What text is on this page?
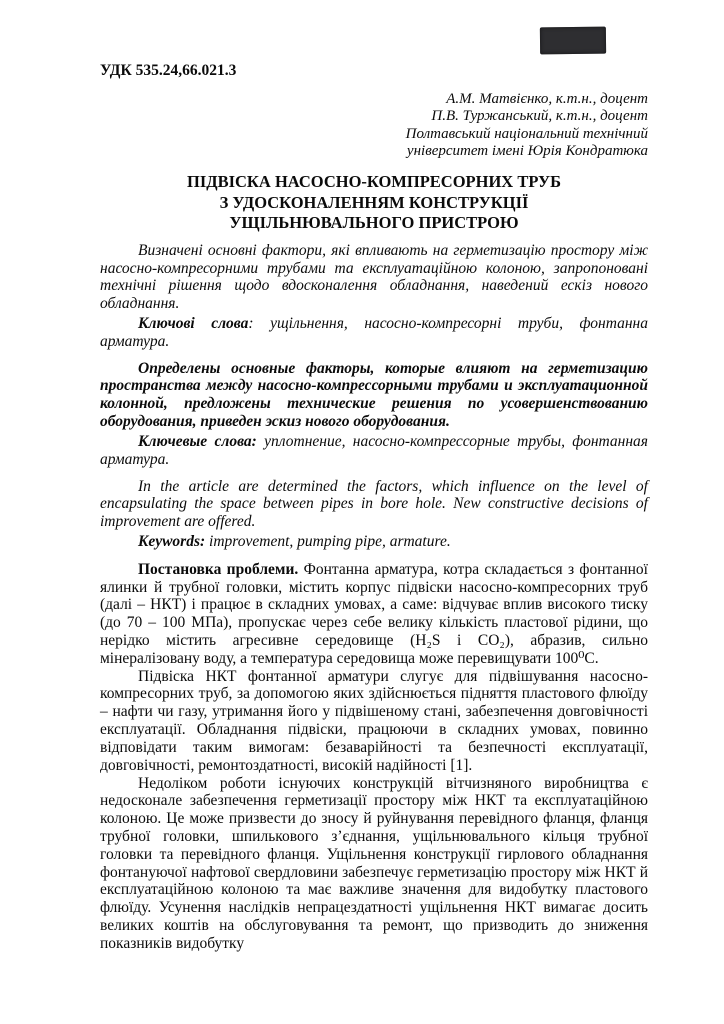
УДК 535.24,66.021.3
А.М. Матвієнко, к.т.н., доцент
П.В. Туржанський, к.т.н., доцент
Полтавський національний технічний
університет імені Юрія Кондратюка
ПІДВІСКА НАСОСНО-КОМПРЕСОРНИХ ТРУБ
З УДОСКОНАЛЕННЯМ КОНСТРУКЦІЇ
УЩІЛЬНЮВАЛЬНОГО ПРИСТРОЮ

Визначені основні фактори, які впливають на герметизацію простору між насосно-компресорними трубами та експлуатаційною колоною, запропоновані технічні рішення щодо вдосконалення обладнання, наведений ескіз нового обладнання.

Ключові слова: ущільнення, насосно-компресорні труби, фонтанна арматура.

Определены основные факторы, которые влияют на герметизацию пространства между насосно-компрессорными трубами и эксплуатационной колонной, предложены технические решения по усовершенствованию оборудования, приведен эскиз нового оборудования.

Ключевые слова: уплотнение, насосно-компрессорные трубы, фонтанная арматура.

In the article are determined the factors, which influence on the level of encapsulating the space between pipes in bore hole. New constructive decisions of improvement are offered.

Keywords: improvement, pumping pipe, armature.

Постановка проблеми. Фонтанна арматура, котра складається з фонтанної ялинки й трубної головки, містить корпус підвіски насосно-компресорних труб (далі – НКТ) і працює в складних умовах, а саме: відчуває вплив високого тиску (до 70 – 100 МПа), пропускає через себе велику кількість пластової рідини, що нерідко містить агресивне середовище (H₂S і CO₂), абразив, сильно мінералізовану воду, а температура середовища може перевищувати 100⁰С.

Підвіска НКТ фонтанної арматури слугує для підвішування насосно-компресорних труб, за допомогою яких здійснюється підняття пластового флюїду – нафти чи газу, утримання його у підвішеному стані, забезпечення довговічності експлуатації. Обладнання підвіски, працюючи в складних умовах, повинно відповідати таким вимогам: безаварійності та безпечності експлуатації, довговічності, ремонтоздатності, високій надійності [1].

Недоліком роботи існуючих конструкцій вітчизняного виробництва є недосконале забезпечення герметизації простору між НКТ та експлуатаційною колоною. Це може призвести до зносу й руйнування перевідного фланця, фланця трубної головки, шпилькового з’єднання, ущільнювального кільця трубної головки та перевідного фланця. Ущільнення конструкції гирлового обладнання фонтануючої нафтової свердловини забезпечує герметизацію простору між НКТ й експлуатаційною колоною та має важливе значення для видобутку пластового флюїду. Усунення наслідків непрацездатності ущільнення НКТ вимагає досить великих коштів на обслуговування та ремонт, що призводить до зниження показників видобутку
